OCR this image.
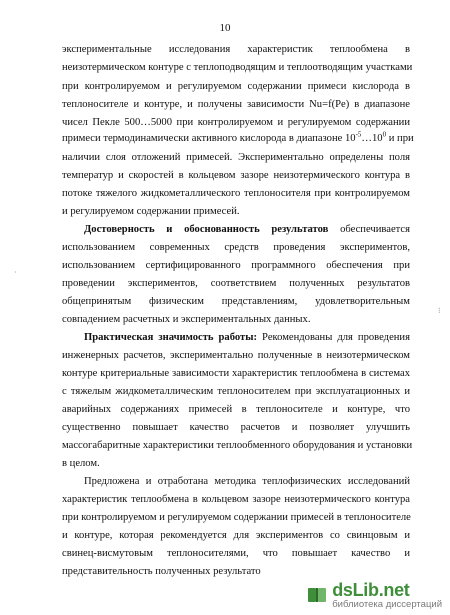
10
экспериментальные исследования характеристик теплообмена в
неизотермическом контуре с теплоподводящим и теплоотводящим участками
при контролируемом и регулируемом содержании примеси кислорода в
теплоносителе и контуре, и получены зависимости Nu=f(Pe) в диапазоне
чисел Пекле 500…5000 при контролируемом и регулируемом содержании
примеси термодинамически активного кислорода в диапазоне $10^{-5}\dots 10^0$ и при
наличии слоя отложений примесей. Экспериментально определены поля
температур и скоростей в кольцевом зазоре неизотермического контура в
потоке тяжелого жидкометаллического теплоносителя при контролируемом
и регулируемом содержании примесей.
Достоверность и обоснованность результатов обеспечивается
использованием современных средств проведения экспериментов,
использованием сертифицированного программного обеспечения при
проведении экспериментов, соответствием полученных результатов
общепринятым физическим представлениям, удовлетворительным
совпадением расчетных и экспериментальных данных.
Практическая значимость работы: Рекомендованы для проведения
инженерных расчетов, экспериментально полученные в неизотермическом
контуре критериальные зависимости характеристик теплообмена в системах
с тяжелым жидкометаллическим теплоносителем при эксплуатационных и
аварийных содержаниях примесей в теплоносителе и контуре, что
существенно повышает качество расчетов и позволяет улучшить
массогабаритные характеристики теплообменного оборудования и установки
в целом.
Предложена и отработана методика теплофизических исследований
характеристик теплообмена в кольцевом зазоре неизотермического контура
при контролируемом и регулируемом содержании примесей в теплоносителе
и контуре, которая рекомендуется для экспериментов со свинцовым и
свинец-висмутовым теплоносителями, что повышает качество и
представительность полученных результато
·
⁝
dsLib.net
библиотека диссертаций
